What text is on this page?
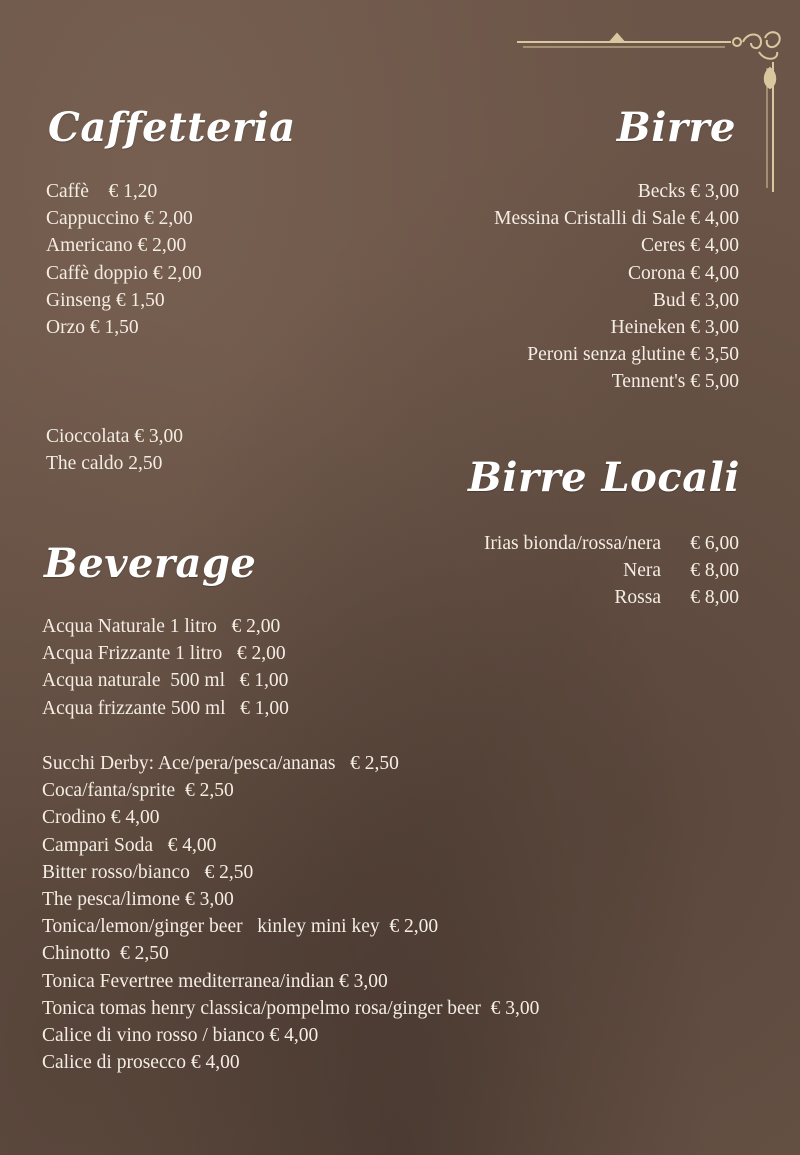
Caffetteria
Caffè    € 1,20
Cappuccino € 2,00
Americano € 2,00
Caffè doppio € 2,00
Ginseng € 1,50
Orzo € 1,50
Cioccolata € 3,00
The caldo 2,50
Birre
Becks € 3,00
Messina Cristalli di Sale € 4,00
Ceres € 4,00
Corona € 4,00
Bud € 3,00
Heineken € 3,00
Peroni senza glutine € 3,50
Tennent's € 5,00
Birre Locali
Irias bionda/rossa/nera	€ 6,00
Nera	€ 8,00
Rossa	€ 8,00
Beverage
Acqua Naturale 1 litro   € 2,00
Acqua Frizzante 1 litro   € 2,00
Acqua naturale  500 ml   € 1,00
Acqua frizzante 500 ml   € 1,00
Succhi Derby: Ace/pera/pesca/ananas   € 2,50
Coca/fanta/sprite  € 2,50
Crodino € 4,00
Campari Soda   € 4,00
Bitter rosso/bianco   € 2,50
The pesca/limone € 3,00
Tonica/lemon/ginger beer   kinley mini key  € 2,00
Chinotto  € 2,50
Tonica Fevertree mediterranea/indian € 3,00
Tonica tomas henry classica/pompelmo rosa/ginger beer  € 3,00
Calice di vino rosso / bianco € 4,00
Calice di prosecco € 4,00
